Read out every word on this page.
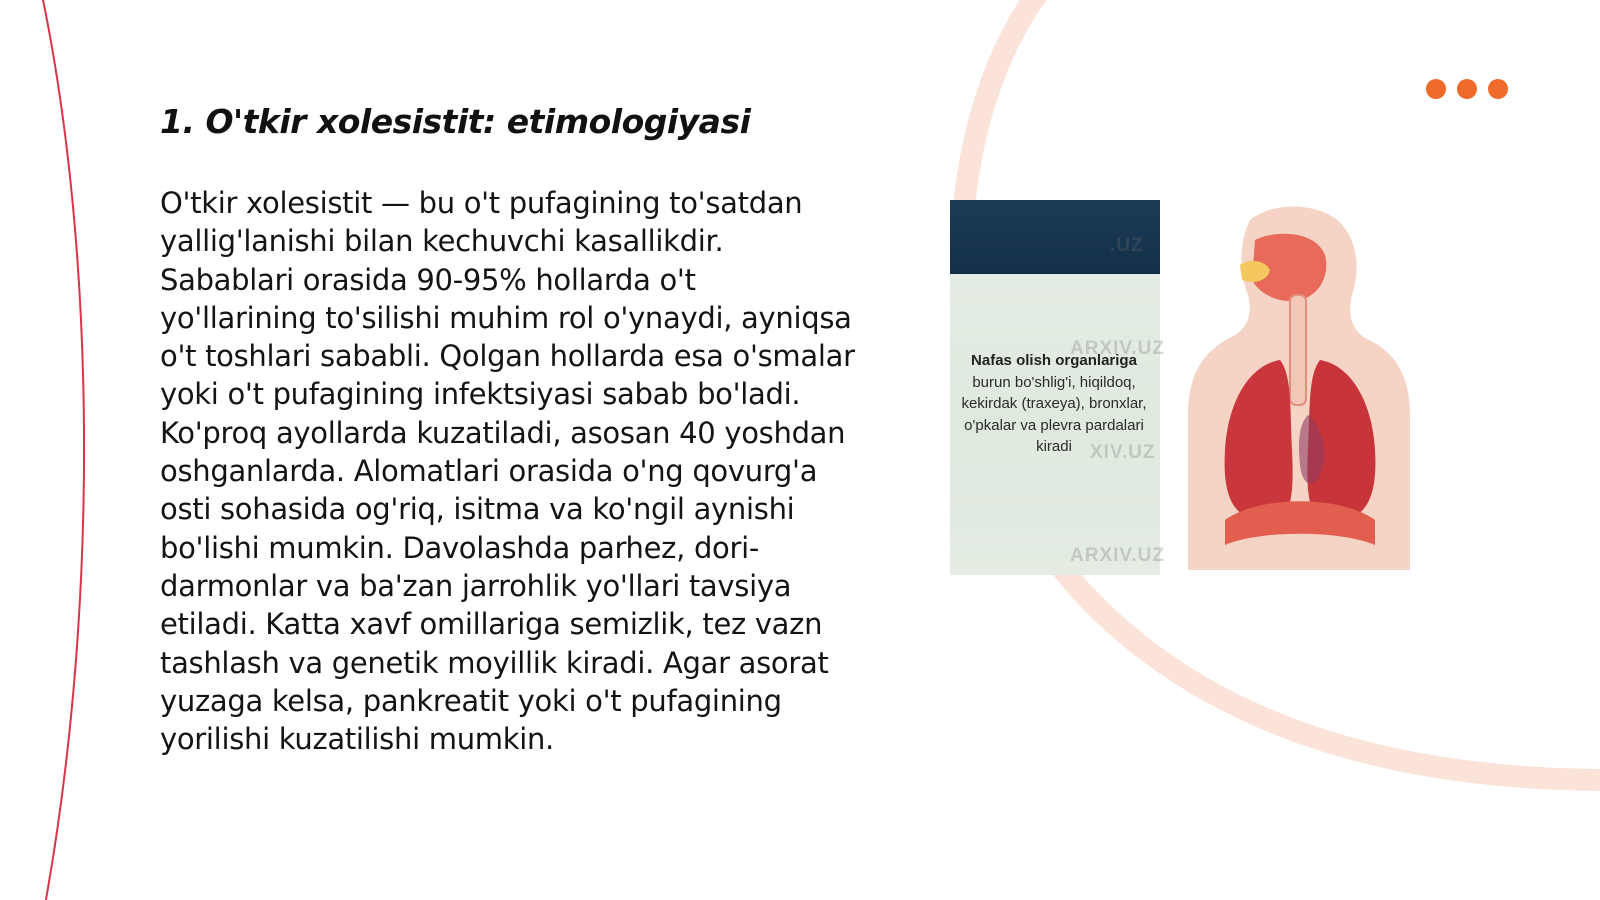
1. O'tkir xolesistit: etimologiyasi

O'tkir xolesistit — bu o't pufagining to'satdan yallig'lanishi bilan kechuvchi kasallikdir. Sabablari orasida 90-95% hollarda o't yo'llarining to'silishi muhim rol o'ynaydi, ayniqsa o't toshlari sababli. Qolgan hollarda esa o'smalar yoki o't pufagining infektsiyasi sabab bo'ladi. Ko'proq ayollarda kuzatiladi, asosan 40 yoshdan oshganlarda. Alomatlari orasida o'ng qovurg'a osti sohasida og'riq, isitma va ko'ngil aynishi bo'lishi mumkin. Davolashda parhez, dori-darmonlar va ba'zan jarrohlik yo'llari tavsiya etiladi. Katta xavf omillariga semizlik, tez vazn tashlash va genetik moyillik kiradi. Agar asorat yuzaga kelsa, pankreatit yoki o't pufagining yorilishi kuzatilishi mumkin.

Nafas olish organlariga burun bo'shlig'i, hiqildoq, kekirdak (traxeya), bronxlar, o'pkalar va plevra pardalari kiradi
.UZ
ARXIV.UZ
XIV.UZ
ARXIV.UZ
